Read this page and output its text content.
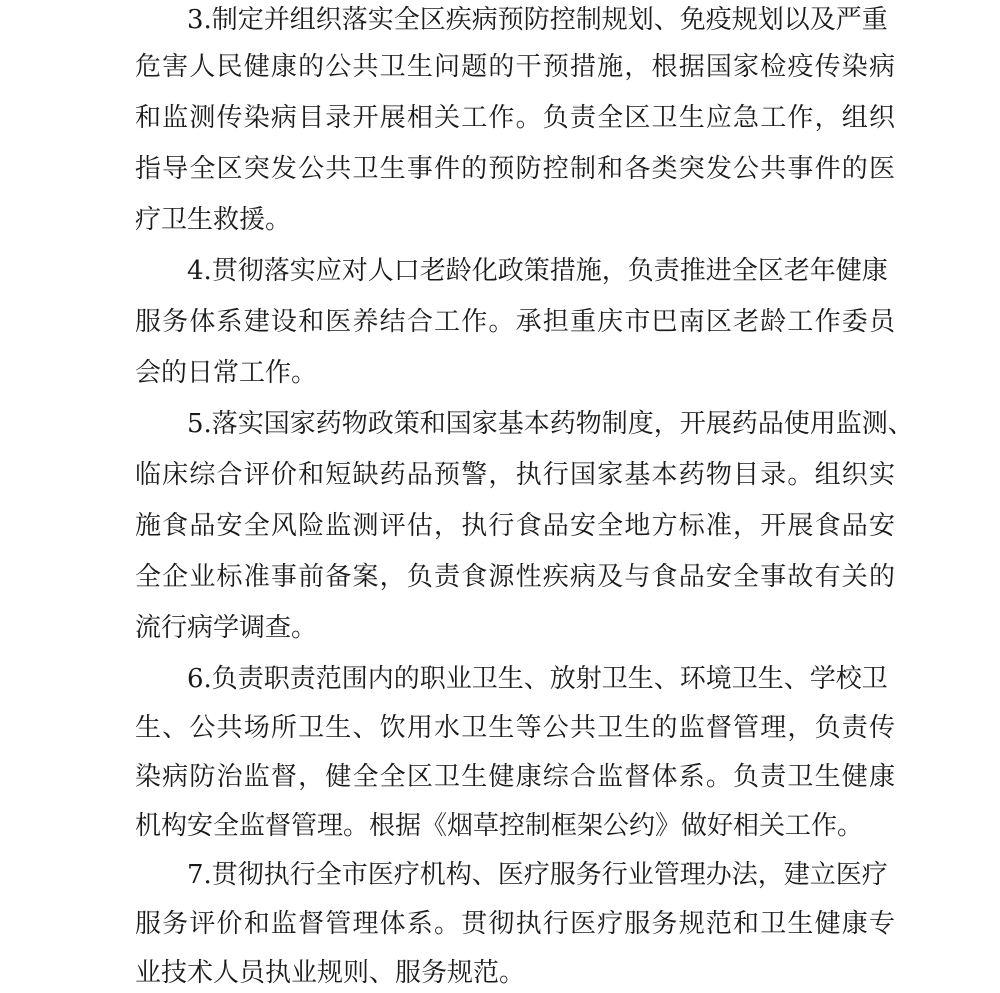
3.制定并组织落实全区疾病预防控制规划、免疫规划以及严重
危害人民健康的公共卫生问题的干预措施，根据国家检疫传染病
和监测传染病目录开展相关工作。负责全区卫生应急工作，组织
指导全区突发公共卫生事件的预防控制和各类突发公共事件的医
疗卫生救援。
4.贯彻落实应对人口老龄化政策措施，负责推进全区老年健康
服务体系建设和医养结合工作。承担重庆市巴南区老龄工作委员
会的日常工作。
5.落实国家药物政策和国家基本药物制度，开展药品使用监测、
临床综合评价和短缺药品预警，执行国家基本药物目录。组织实
施食品安全风险监测评估，执行食品安全地方标准，开展食品安
全企业标准事前备案，负责食源性疾病及与食品安全事故有关的
流行病学调查。
6.负责职责范围内的职业卫生、放射卫生、环境卫生、学校卫
生、公共场所卫生、饮用水卫生等公共卫生的监督管理，负责传
染病防治监督，健全全区卫生健康综合监督体系。负责卫生健康
机构安全监督管理。根据《烟草控制框架公约》做好相关工作。
7.贯彻执行全市医疗机构、医疗服务行业管理办法，建立医疗
服务评价和监督管理体系。贯彻执行医疗服务规范和卫生健康专
业技术人员执业规则、服务规范。
